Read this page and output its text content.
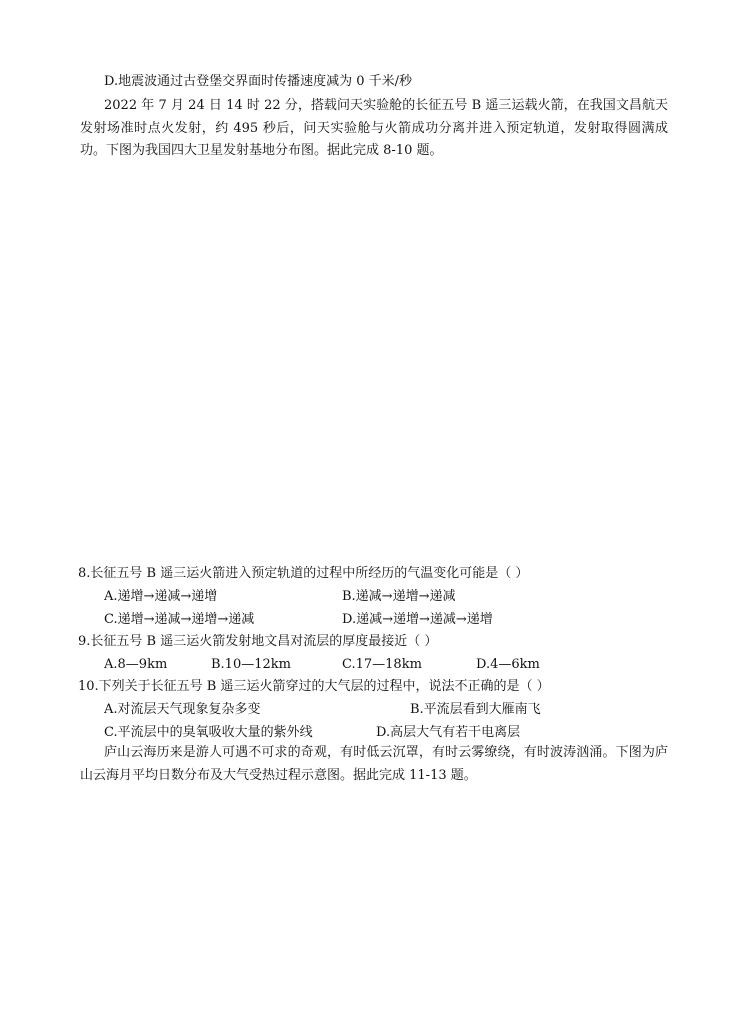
D.地震波通过古登堡交界面时传播速度减为 0 千米/秒
2022 年 7 月 24 日 14 时 22 分，搭载问天实验舱的长征五号 B 遥三运载火箭，在我国文昌航天发射场准时点火发射，约 495 秒后，问天实验舱与火箭成功分离并进入预定轨道，发射取得圆满成功。下图为我国四大卫星发射基地分布图。据此完成 8-10 题。
8.长征五号 B 遥三运火箭进入预定轨道的过程中所经历的气温变化可能是（ ）
A.递增→递减→递增	B.递减→递增→递减
C.递增→递减→递增→递减	D.递减→递增→递减→递增
9.长征五号 B 遥三运火箭发射地文昌对流层的厚度最接近（ ）
A.8—9km	B.10—12km	C.17—18km	D.4—6km
10.下列关于长征五号 B 遥三运火箭穿过的大气层的过程中，说法不正确的是（ ）
A.对流层天气现象复杂多变	B.平流层看到大雁南飞
C.平流层中的臭氧吸收大量的紫外线	D.高层大气有若干电离层
庐山云海历来是游人可遇不可求的奇观，有时低云沉罩，有时云雾缭绕，有时波涛汹涌。下图为庐山云海月平均日数分布及大气受热过程示意图。据此完成 11-13 题。
